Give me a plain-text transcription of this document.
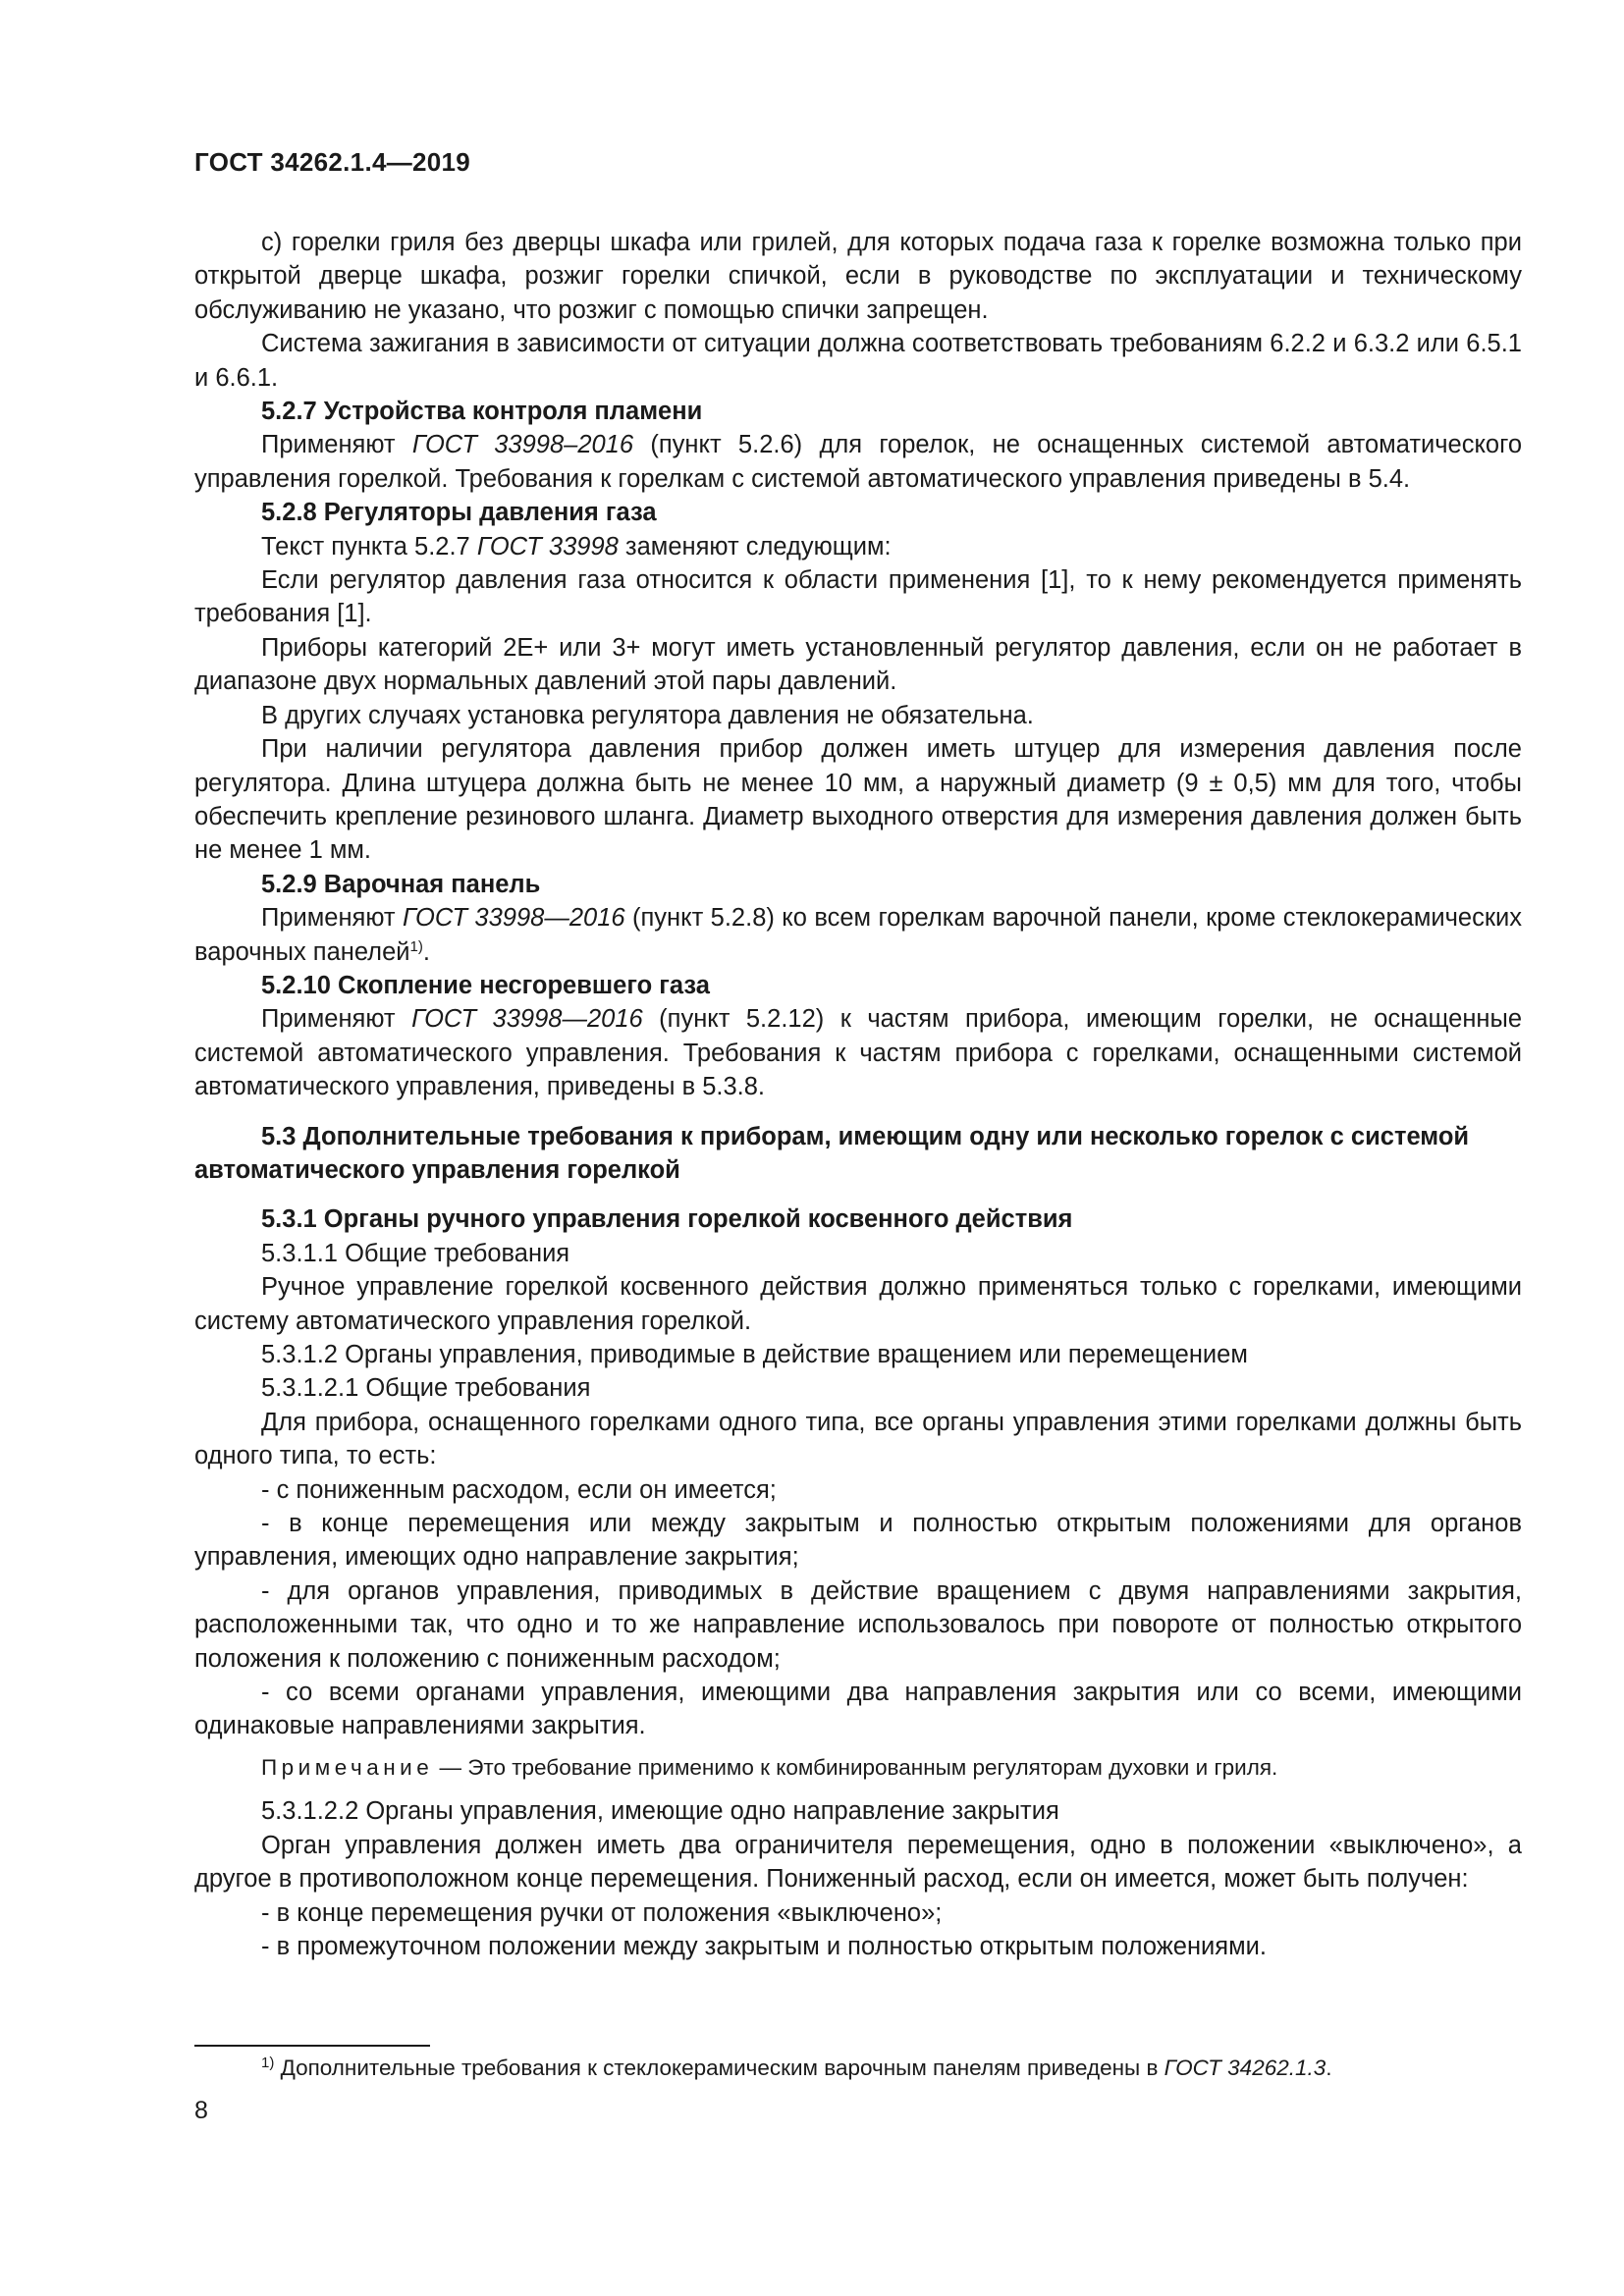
ГОСТ 34262.1.4—2019

с) горелки гриля без дверцы шкафа или грилей, для которых подача газа к горелке возможна только при открытой дверце шкафа, розжиг горелки спичкой, если в руководстве по эксплуатации и техническому обслуживанию не указано, что розжиг с помощью спички запрещен.

Система зажигания в зависимости от ситуации должна соответствовать требованиям 6.2.2 и 6.3.2 или 6.5.1 и 6.6.1.

5.2.7 Устройства контроля пламени

Применяют ГОСТ 33998–2016 (пункт 5.2.6) для горелок, не оснащенных системой автоматического управления горелкой. Требования к горелкам с системой автоматического управления приведены в 5.4.

5.2.8 Регуляторы давления газа

Текст пункта 5.2.7 ГОСТ 33998 заменяют следующим:

Если регулятор давления газа относится к области применения [1], то к нему рекомендуется применять требования [1].

Приборы категорий 2Е+ или 3+ могут иметь установленный регулятор давления, если он не работает в диапазоне двух нормальных давлений этой пары давлений.

В других случаях установка регулятора давления не обязательна.

При наличии регулятора давления прибор должен иметь штуцер для измерения давления после регулятора. Длина штуцера должна быть не менее 10 мм, а наружный диаметр (9 ± 0,5) мм для того, чтобы обеспечить крепление резинового шланга. Диаметр выходного отверстия для измерения давления должен быть не менее 1 мм.

5.2.9 Варочная панель

Применяют ГОСТ 33998—2016 (пункт 5.2.8) ко всем горелкам варочной панели, кроме стеклокерамических варочных панелей$^{1)}$.

5.2.10 Скопление несгоревшего газа

Применяют ГОСТ 33998—2016 (пункт 5.2.12) к частям прибора, имеющим горелки, не оснащенные системой автоматического управления. Требования к частям прибора с горелками, оснащенными системой автоматического управления, приведены в 5.3.8.

5.3 Дополнительные требования к приборам, имеющим одну или несколько горелок с системой автоматического управления горелкой

5.3.1 Органы ручного управления горелкой косвенного действия

5.3.1.1 Общие требования

Ручное управление горелкой косвенного действия должно применяться только с горелками, имеющими систему автоматического управления горелкой.

5.3.1.2 Органы управления, приводимые в действие вращением или перемещением

5.3.1.2.1 Общие требования

Для прибора, оснащенного горелками одного типа, все органы управления этими горелками должны быть одного типа, то есть:

- с пониженным расходом, если он имеется;

- в конце перемещения или между закрытым и полностью открытым положениями для органов управления, имеющих одно направление закрытия;

- для органов управления, приводимых в действие вращением с двумя направлениями закрытия, расположенными так, что одно и то же направление использовалось при повороте от полностью открытого положения к положению с пониженным расходом;

- со всеми органами управления, имеющими два направления закрытия или со всеми, имеющими одинаковые направлениями закрытия.

Примечание — Это требование применимо к комбинированным регуляторам духовки и гриля.

5.3.1.2.2 Органы управления, имеющие одно направление закрытия

Орган управления должен иметь два ограничителя перемещения, одно в положении «выключено», а другое в противоположном конце перемещения. Пониженный расход, если он имеется, может быть получен:

- в конце перемещения ручки от положения «выключено»;

- в промежуточном положении между закрытым и полностью открытым положениями.

$^{1)}$ Дополнительные требования к стеклокерамическим варочным панелям приведены в ГОСТ 34262.1.3.
8
